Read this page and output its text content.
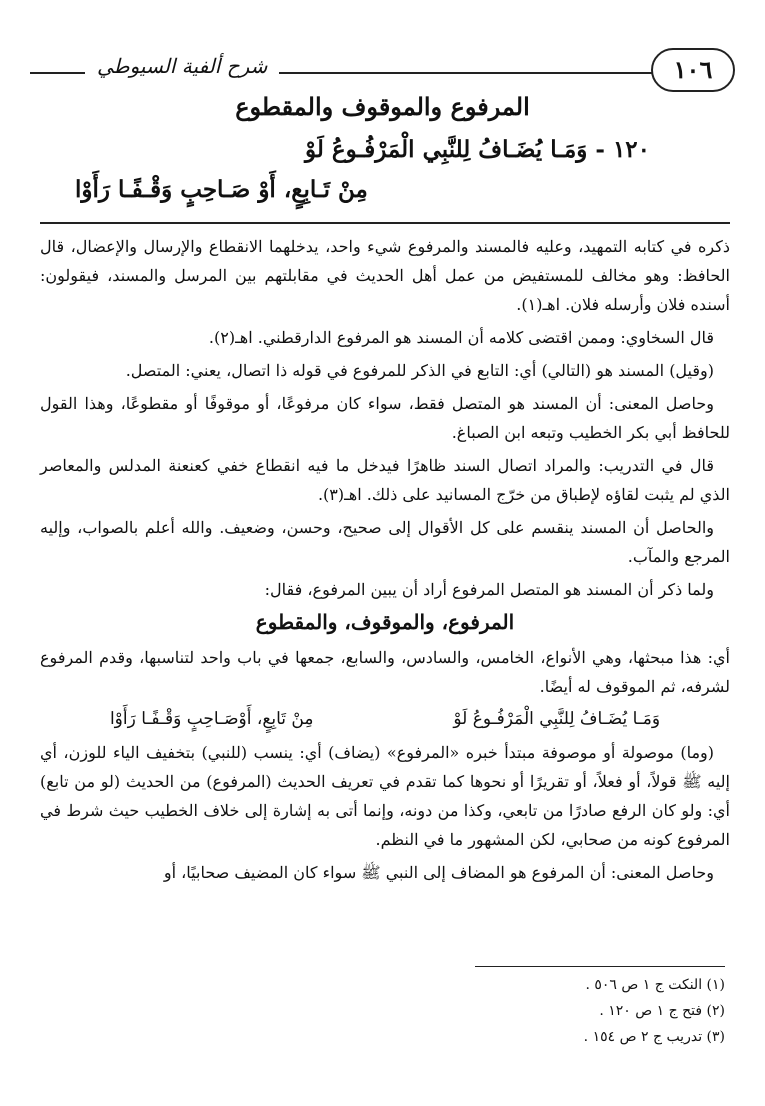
شرح ألفية السيوطي	١٠٦
المرفوع والموقوف والمقطوع
١٢٠ - وَمَـا يُضَـافُ لِلنَّبِي الْمَرْفُـوعُ لَوْ
مِنْ تَـابِعٍ، أَوْ صَـاحِبٍ وَقْـفًـا رَأَوْا

ذكره في كتابه التمهيد، وعليه فالمسند والمرفوع شيء واحد، يدخلهما الانقطاع والإرسال والإعضال، قال الحافظ: وهو مخالف للمستفيض من عمل أهل الحديث في مقابلتهم بين المرسل والمسند، فيقولون: أسنده فلان وأرسله فلان. اهـ(١).

قال السخاوي: وممن اقتضى كلامه أن المسند هو المرفوع الدارقطني. اهـ(٢).

(وقيل) المسند هو (التالي) أي: التابع في الذكر للمرفوع في قوله ذا اتصال، يعني: المتصل.

وحاصل المعنى: أن المسند هو المتصل فقط، سواء كان مرفوعًا، أو موقوفًا أو مقطوعًا، وهذا القول للحافظ أبي بكر الخطيب وتبعه ابن الصباغ.

قال في التدريب: والمراد اتصال السند ظاهرًا فيدخل ما فيه انقطاع خفي كعنعنة المدلس والمعاصر الذي لم يثبت لقاؤه لإطباق من خرّج المسانيد على ذلك. اهـ(٣).

والحاصل أن المسند ينقسم على كل الأقوال إلى صحيح، وحسن، وضعيف. والله أعلم بالصواب، وإليه المرجع والمآب.

ولما ذكر أن المسند هو المتصل المرفوع أراد أن يبين المرفوع، فقال:

المرفوع، والموقوف، والمقطوع

أي: هذا مبحثها، وهي الأنواع، الخامس، والسادس، والسابع، جمعها في باب واحد لتناسبها، وقدم المرفوع لشرفه، ثم الموقوف له أيضًا.

وَمَـا يُضَـافُ لِلنَّبِي الْمَرْفُـوعُ لَوْ
مِنْ تَابِعٍ، أَوْصَـاحِبٍ وَقْـفًـا رَأَوْا

(وما) موصولة أو موصوفة مبتدأ خبره «المرفوع» (يضاف) أي: ينسب (للنبي) بتخفيف الياء للوزن، أي إليه ﷺ قولاً، أو فعلاً، أو تقريرًا أو نحوها كما تقدم في تعريف الحديث (المرفوع) من الحديث (لو من تابع) أي: ولو كان الرفع صادرًا من تابعي، وكذا من دونه، وإنما أتى به إشارة إلى خلاف الخطيب حيث شرط في المرفوع كونه من صحابي، لكن المشهور ما في النظم.

وحاصل المعنى: أن المرفوع هو المضاف إلى النبي ﷺ سواء كان المضيف صحابيًا، أو

(١) النكت ج ١ ص ٥٠٦ .
(٢) فتح ج ١ ص ١٢٠ .
(٣) تدريب ج ٢ ص ١٥٤ .
